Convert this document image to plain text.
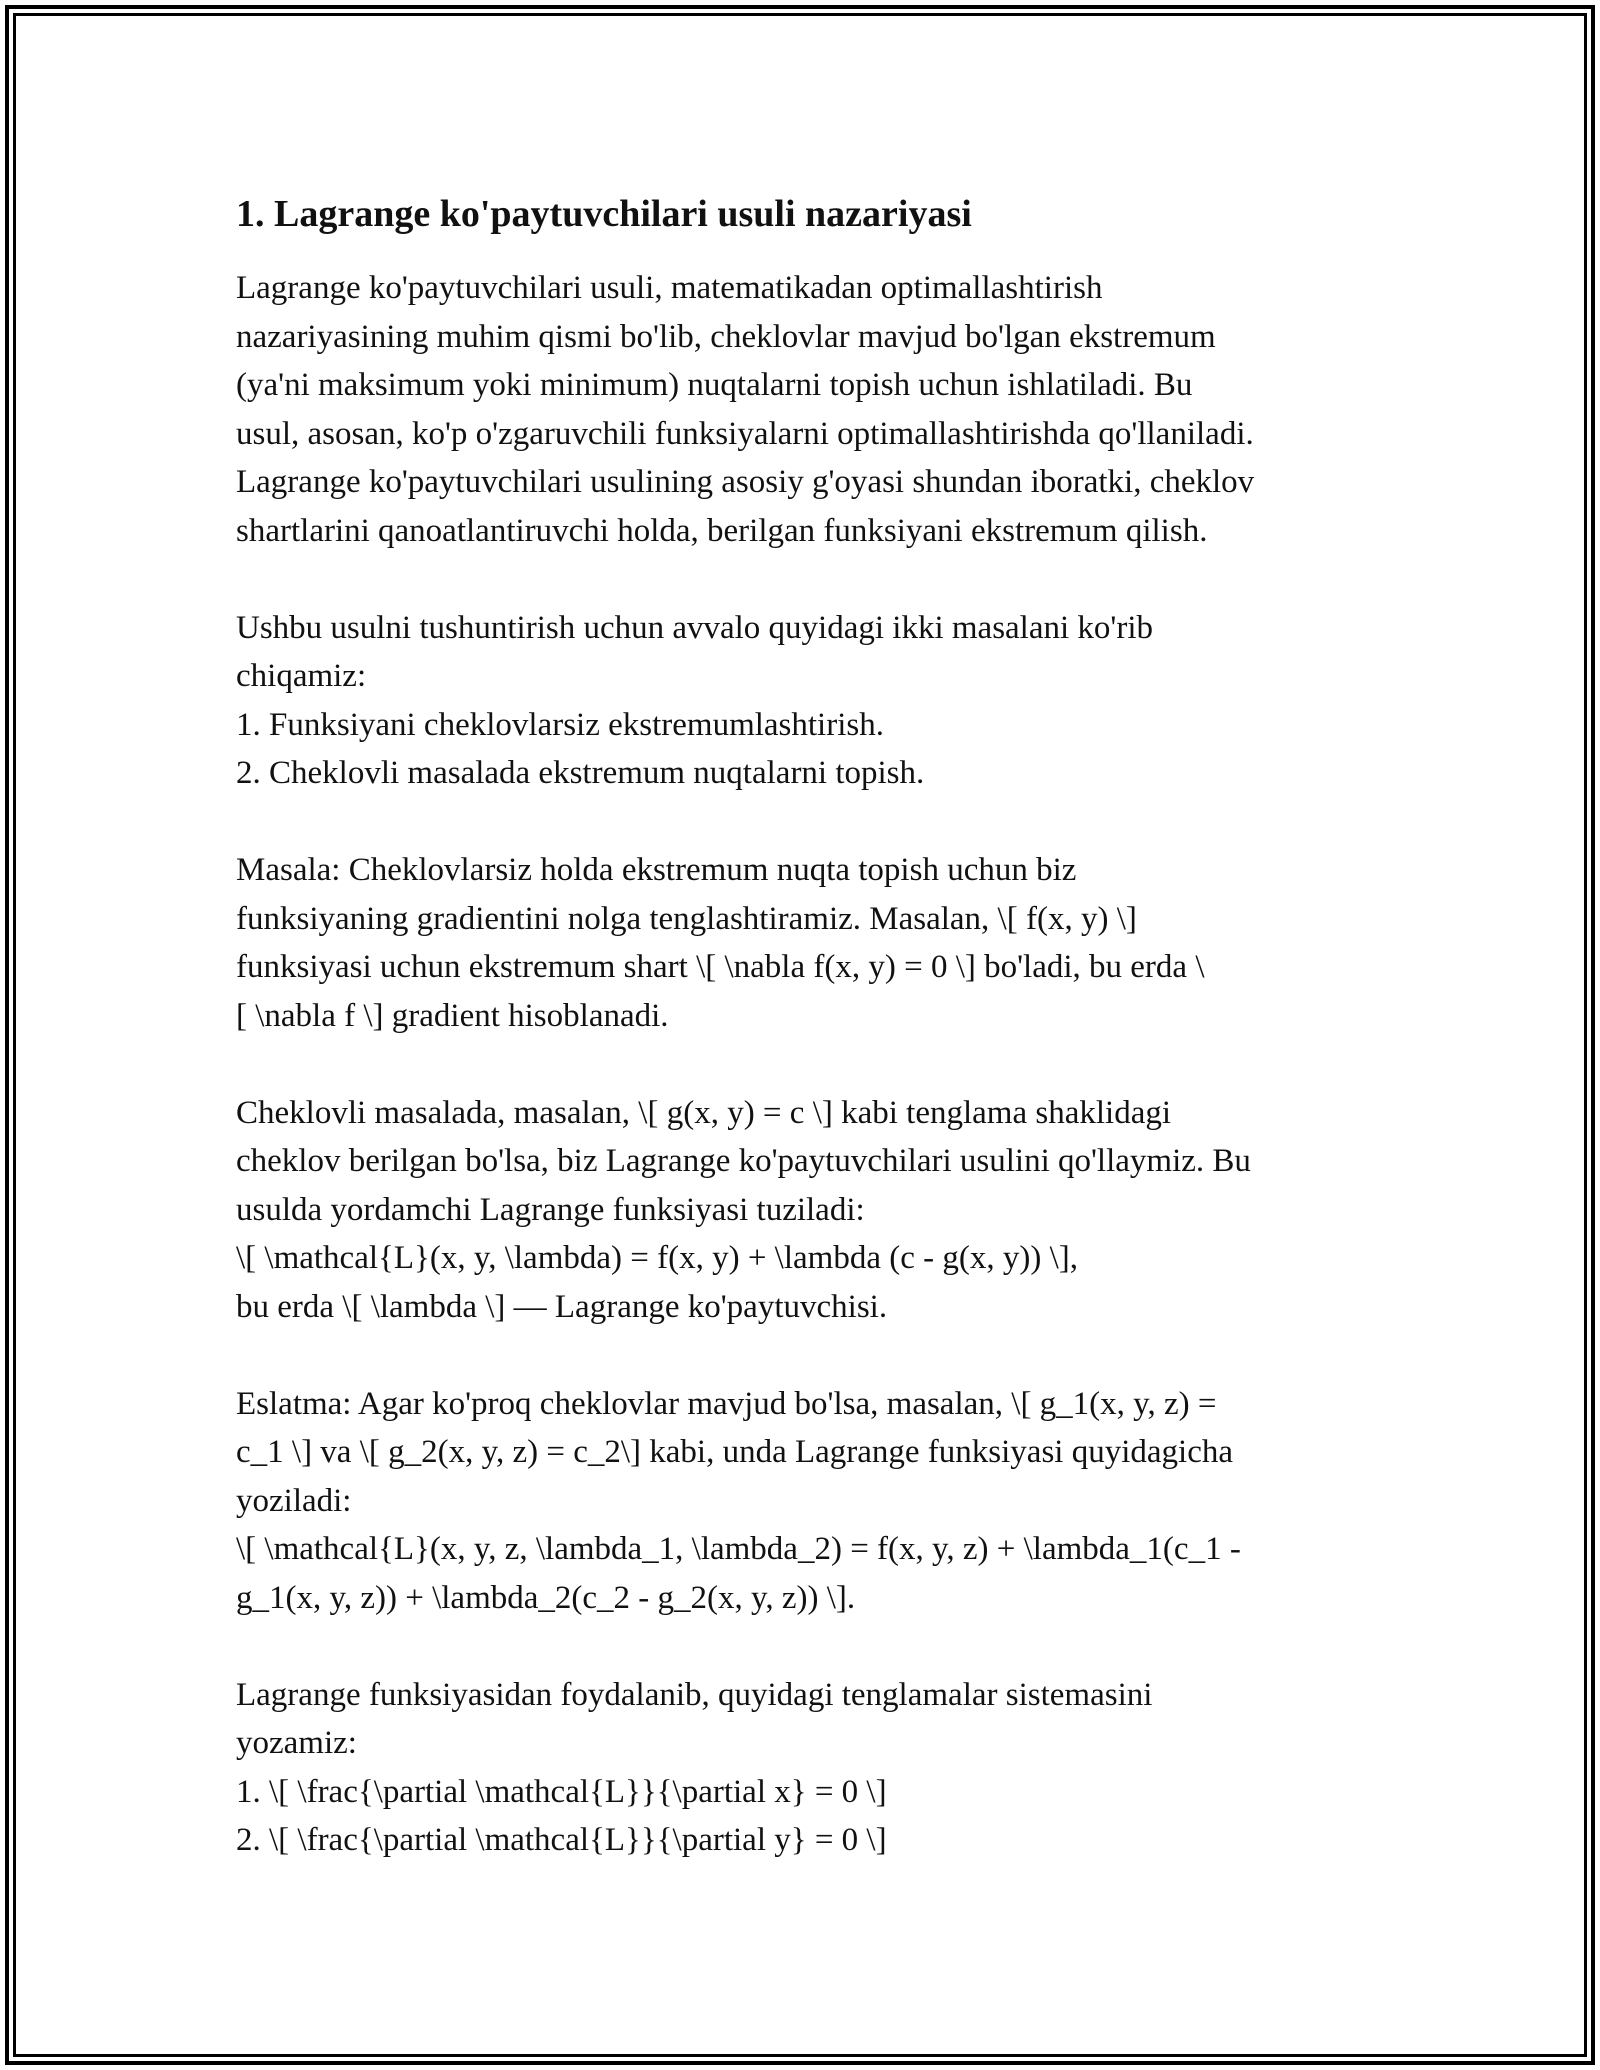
1. Lagrange ko'paytuvchilari usuli nazariyasi
Lagrange ko'paytuvchilari usuli, matematikadan optimallashtirish
nazariyasining muhim qismi bo'lib, cheklovlar mavjud bo'lgan ekstremum
(ya'ni maksimum yoki minimum) nuqtalarni topish uchun ishlatiladi. Bu
usul, asosan, ko'p o'zgaruvchili funksiyalarni optimallashtirishda qo'llaniladi.
Lagrange ko'paytuvchilari usulining asosiy g'oyasi shundan iboratki, cheklov
shartlarini qanoatlantiruvchi holda, berilgan funksiyani ekstremum qilish.
Ushbu usulni tushuntirish uchun avvalo quyidagi ikki masalani ko'rib
chiqamiz:
1. Funksiyani cheklovlarsiz ekstremumlashtirish.
2. Cheklovli masalada ekstremum nuqtalarni topish.
Masala: Cheklovlarsiz holda ekstremum nuqta topish uchun biz
funksiyaning gradientini nolga tenglashtiramiz. Masalan, \[ f(x, y) \]
funksiyasi uchun ekstremum shart \[ \nabla f(x, y) = 0 \] bo'ladi, bu erda \
[ \nabla f \] gradient hisoblanadi.
Cheklovli masalada, masalan, \[ g(x, y) = c \] kabi tenglama shaklidagi
cheklov berilgan bo'lsa, biz Lagrange ko'paytuvchilari usulini qo'llaymiz. Bu
usulda yordamchi Lagrange funksiyasi tuziladi:
\[ \mathcal{L}(x, y, \lambda) = f(x, y) + \lambda (c - g(x, y)) \],
bu erda \[ \lambda \] — Lagrange ko'paytuvchisi.
Eslatma: Agar ko'proq cheklovlar mavjud bo'lsa, masalan, \[ g_1(x, y, z) =
c_1 \] va \[ g_2(x, y, z) = c_2\] kabi, unda Lagrange funksiyasi quyidagicha
yoziladi:
\[ \mathcal{L}(x, y, z, \lambda_1, \lambda_2) = f(x, y, z) + \lambda_1(c_1 -
g_1(x, y, z)) + \lambda_2(c_2 - g_2(x, y, z)) \].
Lagrange funksiyasidan foydalanib, quyidagi tenglamalar sistemasini
yozamiz:
1. \[ \frac{\partial \mathcal{L}}{\partial x} = 0 \]
2. \[ \frac{\partial \mathcal{L}}{\partial y} = 0 \]
